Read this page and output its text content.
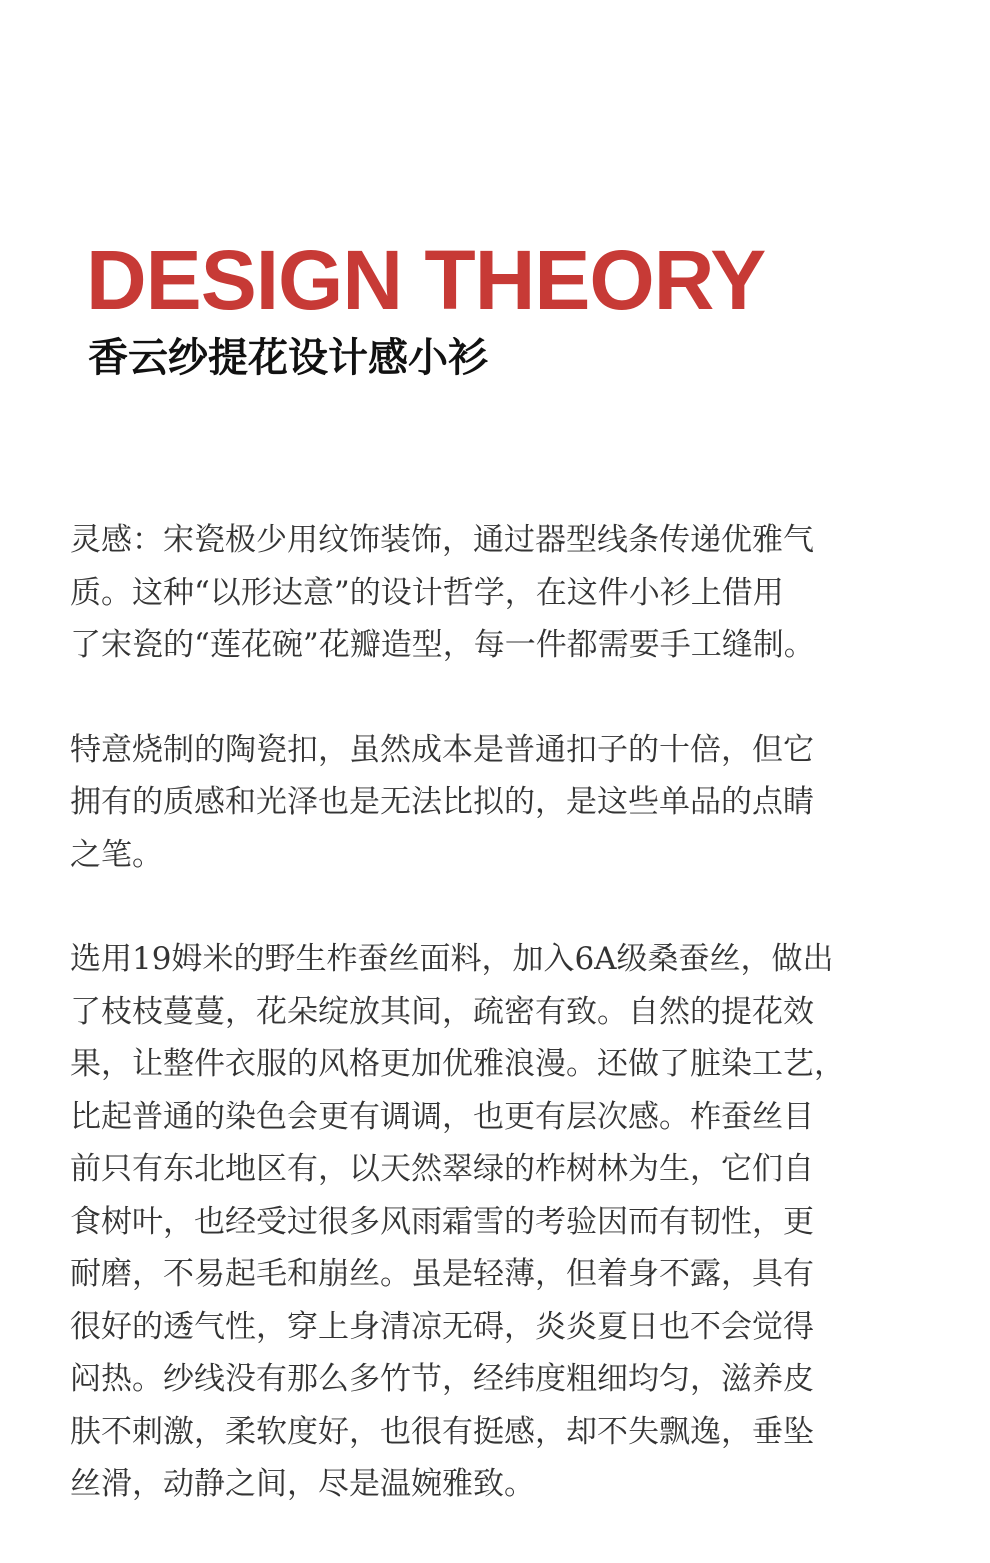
DESIGN THEORY
香云纱提花设计感小衫

灵感：宋瓷极少用纹饰装饰，通过器型线条传递优雅气
质。这种“以形达意”的设计哲学，在这件小衫上借用
了宋瓷的“莲花碗”花瓣造型，每一件都需要手工缝制。

特意烧制的陶瓷扣，虽然成本是普通扣子的十倍，但它
拥有的质感和光泽也是无法比拟的，是这些单品的点睛
之笔。

选用19姆米的野生柞蚕丝面料，加入6A级桑蚕丝，做出
了枝枝蔓蔓，花朵绽放其间，疏密有致。自然的提花效
果，让整件衣服的风格更加优雅浪漫。还做了脏染工艺，
比起普通的染色会更有调调，也更有层次感。柞蚕丝目
前只有东北地区有，以天然翠绿的柞树林为生，它们自
食树叶，也经受过很多风雨霜雪的考验因而有韧性，更
耐磨，不易起毛和崩丝。虽是轻薄，但着身不露，具有
很好的透气性，穿上身清凉无碍，炎炎夏日也不会觉得
闷热。纱线没有那么多竹节，经纬度粗细均匀，滋养皮
肤不刺激，柔软度好，也很有挺感，却不失飘逸，垂坠
丝滑，动静之间，尽是温婉雅致。
